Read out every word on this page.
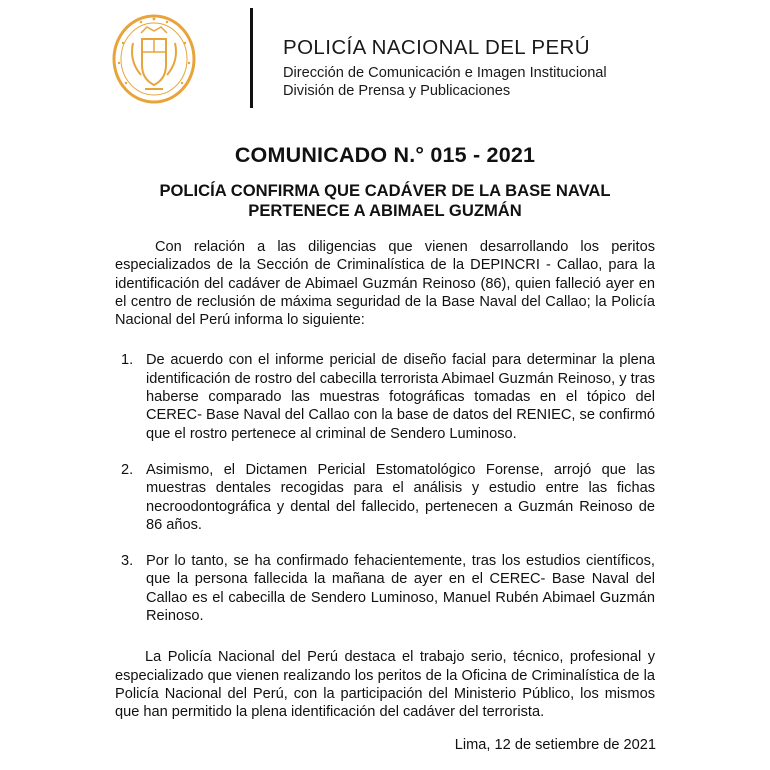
POLICÍA NACIONAL DEL PERÚ

Dirección de Comunicación e Imagen Institucional

División de Prensa y Publicaciones

COMUNICADO N.° 015 - 2021
POLICÍA CONFIRMA QUE CADÁVER DE LA BASE NAVAL
PERTENECE A ABIMAEL GUZMÁN

Con relación a las diligencias que vienen desarrollando los peritos especializados de la Sección de Criminalística de la DEPINCRI - Callao, para la identificación del cadáver de Abimael Guzmán Reinoso (86), quien falleció ayer en el centro de reclusión de máxima seguridad de la Base Naval del Callao; la Policía Nacional del Perú informa lo siguiente:

1. De acuerdo con el informe pericial de diseño facial para determinar la plena identificación de rostro del cabecilla terrorista Abimael Guzmán Reinoso, y tras haberse comparado las muestras fotográficas tomadas en el tópico del CEREC- Base Naval del Callao con la base de datos del RENIEC, se confirmó que el rostro pertenece al criminal de Sendero Luminoso.
2. Asimismo, el Dictamen Pericial Estomatológico Forense, arrojó que las muestras dentales recogidas para el análisis y estudio entre las fichas necroodontográfica y dental del fallecido, pertenecen a Guzmán Reinoso de 86 años.
3. Por lo tanto, se ha confirmado fehacientemente, tras los estudios científicos, que la persona fallecida la mañana de ayer en el CEREC- Base Naval del Callao es el cabecilla de Sendero Luminoso, Manuel Rubén Abimael Guzmán Reinoso.

La Policía Nacional del Perú destaca el trabajo serio, técnico, profesional y especializado que vienen realizando los peritos de la Oficina de Criminalística de la Policía Nacional del Perú, con la participación del Ministerio Público, los mismos que han permitido la plena identificación del cadáver del terrorista.

Lima, 12 de setiembre de 2021
